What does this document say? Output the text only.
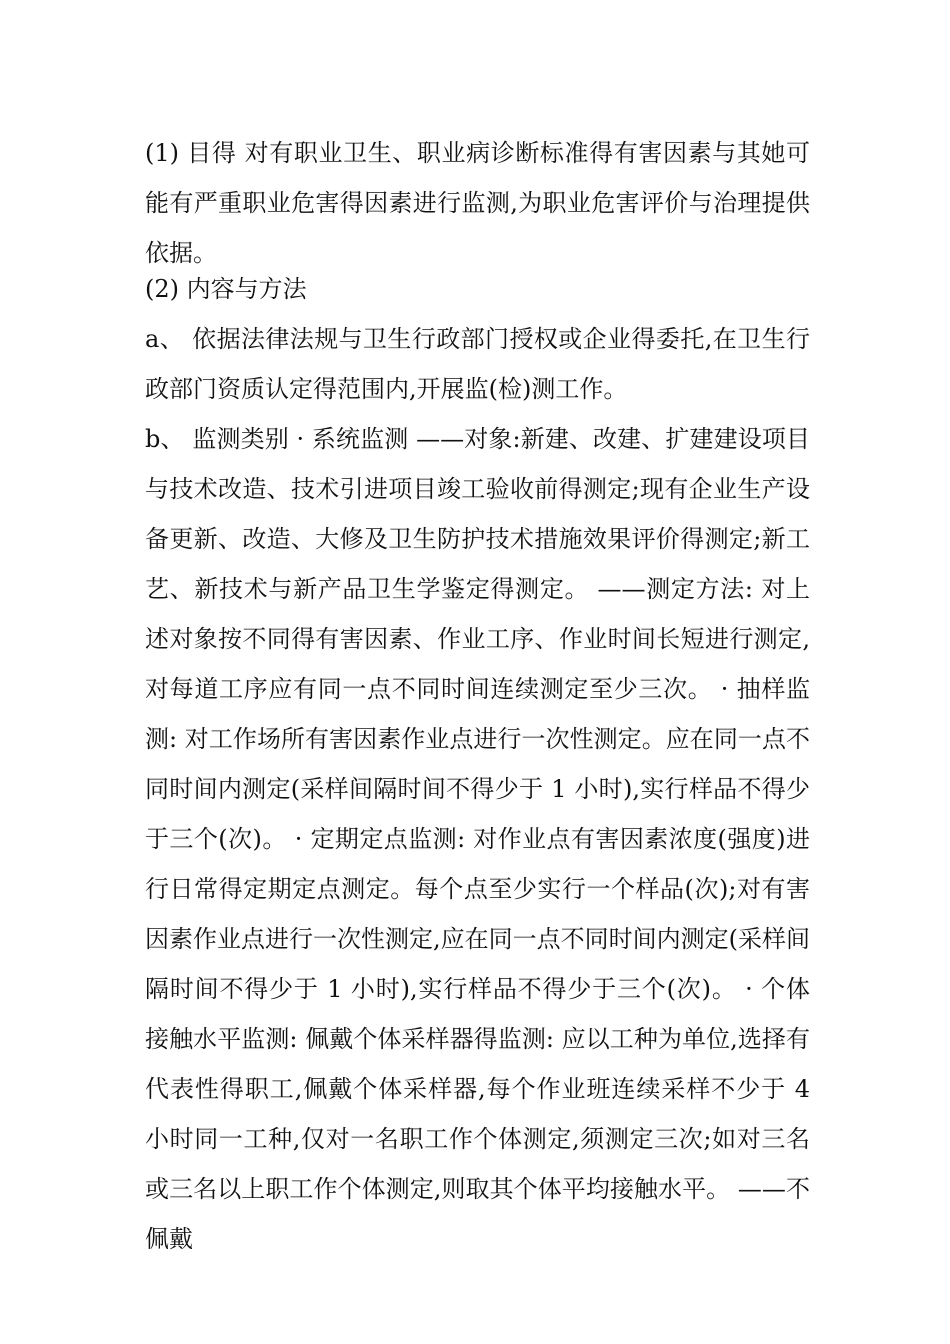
(1) 目得 对有职业卫生、职业病诊断标准得有害因素与其她可能有严重职业危害得因素进行监测,为职业危害评价与治理提供依据。

(2) 内容与方法

a、 依据法律法规与卫生行政部门授权或企业得委托,在卫生行政部门资质认定得范围内,开展监(检)测工作。

b、 监测类别 · 系统监测 ——对象:新建、改建、扩建建设项目与技术改造、技术引进项目竣工验收前得测定;现有企业生产设备更新、改造、大修及卫生防护技术措施效果评价得测定;新工艺、新技术与新产品卫生学鉴定得测定。 ——测定方法: 对上述对象按不同得有害因素、作业工序、作业时间长短进行测定,对每道工序应有同一点不同时间连续测定至少三次。 · 抽样监测: 对工作场所有害因素作业点进行一次性测定。应在同一点不同时间内测定(采样间隔时间不得少于 1 小时),实行样品不得少于三个(次)。 · 定期定点监测: 对作业点有害因素浓度(强度)进行日常得定期定点测定。每个点至少实行一个样品(次);对有害因素作业点进行一次性测定,应在同一点不同时间内测定(采样间隔时间不得少于 1 小时),实行样品不得少于三个(次)。 · 个体接触水平监测: 佩戴个体采样器得监测: 应以工种为单位,选择有代表性得职工,佩戴个体采样器,每个作业班连续采样不少于 4 小时同一工种,仅对一名职工作个体测定,须测定三次;如对三名或三名以上职工作个体测定,则取其个体平均接触水平。 ——不佩戴
